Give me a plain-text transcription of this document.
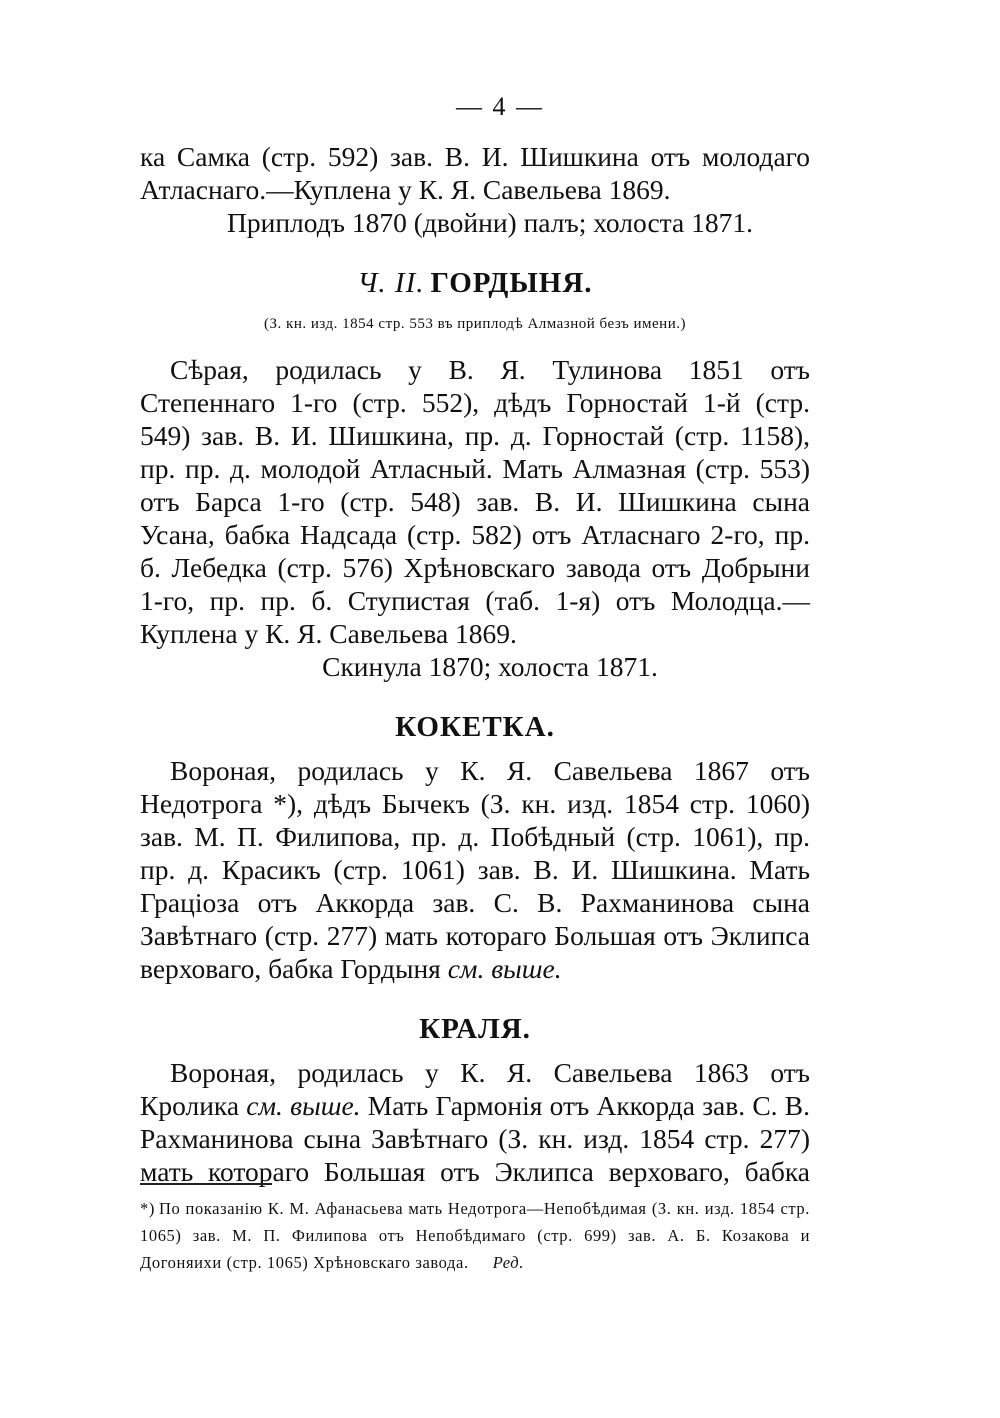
— 4 —

ка Самка (стр. 592) зав. В. И. Шишкина отъ молодаго Атласнаго.—Куплена у К. Я. Савельева 1869.

Приплодъ 1870 (двойни) палъ; холоста 1871.

Ч. II. ГОРДЫНЯ.

(З. кн. изд. 1854 стр. 553 въ приплодѣ Алмазной безъ имени.)

Сѣрая, родилась у В. Я. Тулинова 1851 отъ Степеннаго 1-го (стр. 552), дѣдъ Горностай 1-й (стр. 549) зав. В. И. Шишкина, пр. д. Горностай (стр. 1158), пр. пр. д. молодой Атласный. Мать Алмазная (стр. 553) отъ Барса 1-го (стр. 548) зав. В. И. Шишкина сына Усана, бабка Надсада (стр. 582) отъ Атласнаго 2-го, пр. б. Лебедка (стр. 576) Хрѣновскаго завода отъ Добрыни 1-го, пр. пр. б. Ступистая (таб. 1-я) отъ Молодца.—Куплена у К. Я. Савельева 1869.

Скинула 1870; холоста 1871.

КОКЕТКА.

Вороная, родилась у К. Я. Савельева 1867 отъ Недотрога *), дѣдъ Бычекъ (З. кн. изд. 1854 стр. 1060) зав. М. П. Филипова, пр. д. Побѣдный (стр. 1061), пр. пр. д. Красикъ (стр. 1061) зав. В. И. Шишкина. Мать Граціоза отъ Аккорда зав. С. В. Рахманинова сына Завѣтнаго (стр. 277) мать котораго Большая отъ Эклипса верховаго, бабка Гордыня см. выше.

КРАЛЯ.

Вороная, родилась у К. Я. Савельева 1863 отъ Кролика см. выше. Мать Гармонія отъ Аккорда зав. С. В. Рахманинова сына Завѣтнаго (З. кн. изд. 1854 стр. 277) мать котораго Большая отъ Эклипса верховаго, бабка

*) По показанію К. М. Афанасьева мать Недотрога—Непобѣдимая (З. кн. изд. 1854 стр. 1065) зав. М. П. Филипова отъ Непобѣдимаго (стр. 699) зав. А. Б. Козакова и Догоняихи (стр. 1065) Хрѣновскаго завода. Ред.
